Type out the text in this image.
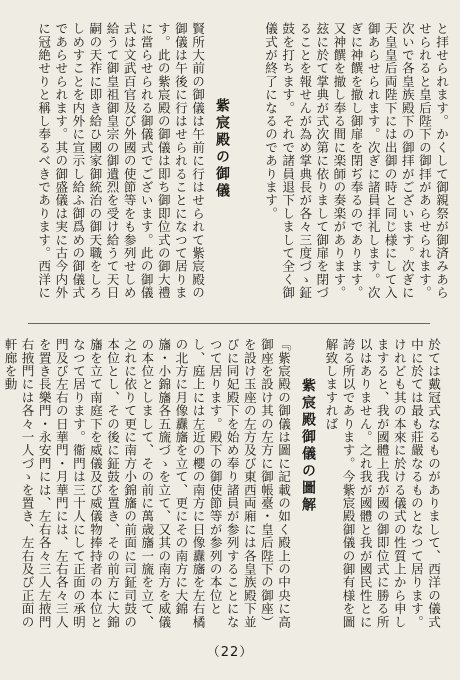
と拝せられます。かくして御親祭が御済みあらせられると皇后陛下の御拝があらせられます。次いで各皇族殿下の御拝がございます。次ぎに天皇皇后両陛下には出御の時と同じ様にして入御あらせられます。次ぎに諸員拝礼します。次ぎに神饌を撤し御扉を閉ぢ奉るのであります。又神饌を撤し奉る間に楽師の奏楽があります。玆に於て掌典が式次第に依りまして御扉を閉づることを報せんが為め掌典長が各々三度づゝ鉦鼓を打ちます。それで諸員退下しまして全く御儀式が終了になるのであります。
紫宸殿の御儀
賢所大前の御儀は午前に行はせられて紫宸殿の御儀は午後に行はせられることになつて居ります。此の紫宸殿の御儀は即ち御即位式の御大禮に當らせられる御儀式でございます。此の御儀式は文武百官及び外國の使節等をも参列せしめ給うて御皇祖御皇宗の御遺烈を受け給うて天日嗣の天祚に即き給ひ國家御統治の御天職をしろしめすことを内外に宣示し給ふ御爲めの御儀式であらせられます。其の御盛儀は実に古今内外に冠絶せりと稱し奉るべきであります。西洋に
於ては戴冠式なるものがありまして、西洋の儀式中に於ては最も莊嚴なるものとなつて居ります。けれども其の本來に於ける儀式の性質上から申しますると、我が國體上我が國の御即位式に勝る所以はありません。之れ我が國體と我が國民性とに誇る所以であります。今紫宸殿御儀の御有様を圖解致しますれば
紫宸殿御儀の圖解
『紫宸殿の御儀は圖に記載の如く殿上の中央に高御座を設け其の左方に御帳臺・皇后陛下の御座）を設け玉座の左方及び東西両廂には各皇族殿下並びに同妃殿下を始め奉り諸員が参列することになつて居ります。殿下の御使節等が参列の本位とし、庭上には左近の櫻の南方に日像纛旛を左右橘の北方に月像纛旛を立て、更にその南方に大錦旛・小錦旛各五旒づゝを立て、又其の南方を威儀の本位としまして、その前に萬歳旛一旒を立て、之れに依りて更に南方小錦旛の前面に司鉦司鼓の本位とし、その後に鉦鼓を置き、その前方に大錦旛を立て南庭下を威儀及び威儀物捧持者の本位となつて居ります。衞門は三十人にして正面の承明門及び左右の日華門・月華門には、左右各々三人を置き長樂門・永安門には、左右各々三人左掖門右掖門には各々一人づゝを置き、左右及び正面の軒廊を動
（22）
